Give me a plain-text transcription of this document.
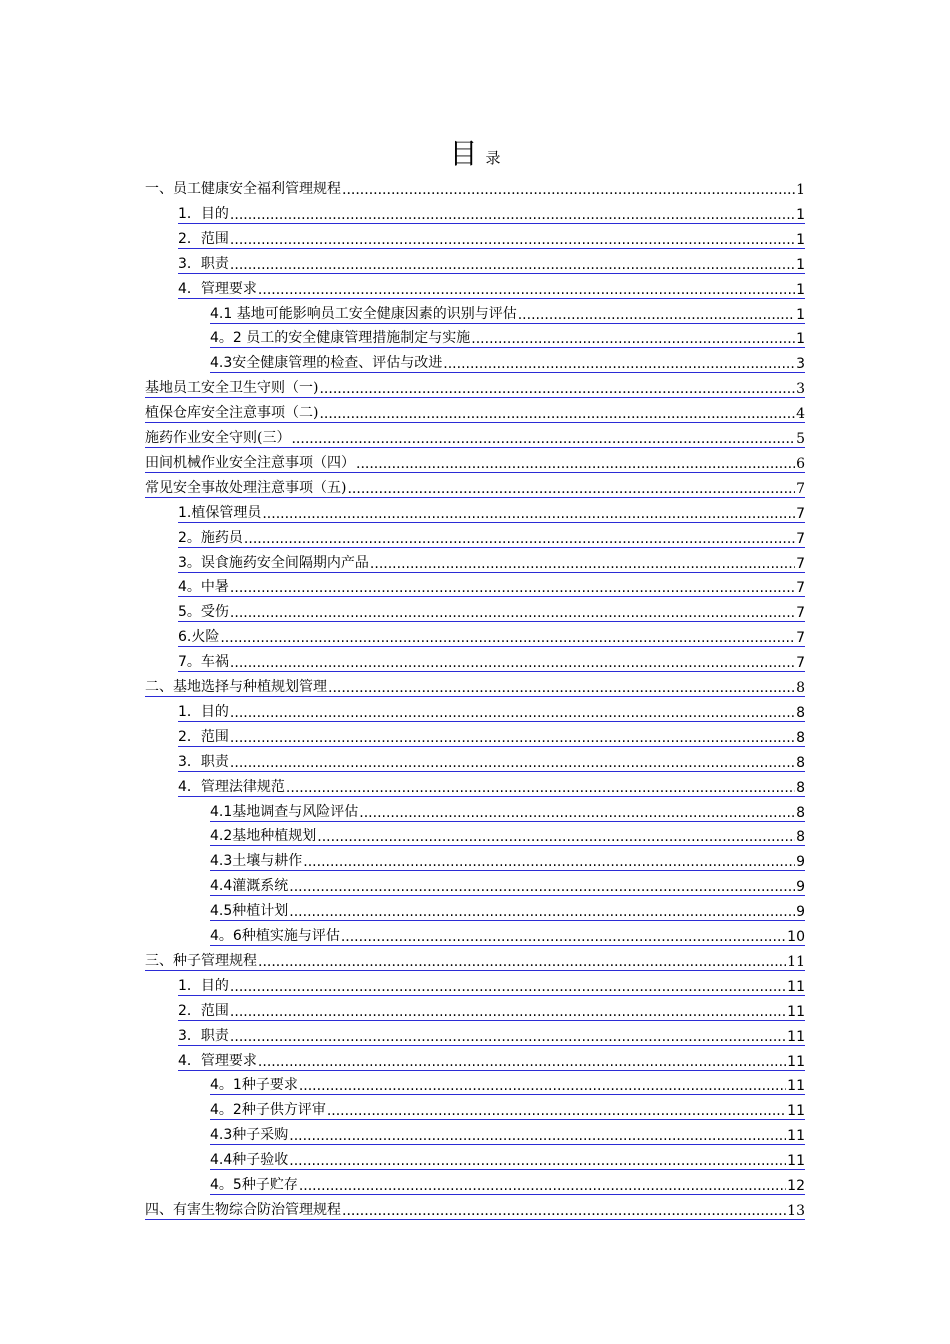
目录
一、员工健康安全福利管理规程 .....	1
1．目的 .....	1
2．范围 .....	1
3．职责 .....	1
4．管理要求 .....	1
4.1 基地可能影响员工安全健康因素的识别与评估 .....	1
4。2 员工的安全健康管理措施制定与实施 .....	1
4.3安全健康管理的检查、评估与改进 .....	3
基地员工安全卫生守则（一) .....	3
植保仓库安全注意事项（二) .....	4
施药作业安全守则(三） .....	5
田间机械作业安全注意事项（四） .....	6
常见安全事故处理注意事项（五) .....	7
1.植保管理员 .....	7
2。施药员 .....	7
3。误食施药安全间隔期内产品 .....	7
4。中暑 .....	7
5。受伤 .....	7
6.火险 .....	7
7。车祸 .....	7
二、基地选择与种植规划管理 .....	8
1．目的 .....	8
2．范围 .....	8
3．职责 .....	8
4．管理法律规范 .....	8
4.1基地调查与风险评估 .....	8
4.2基地种植规划 .....	8
4.3土壤与耕作 .....	9
4.4灌溉系统 .....	9
4.5种植计划 .....	9
4。6种植实施与评估 .....	10
三、种子管理规程 .....	11
1．目的 .....	11
2．范围 .....	11
3．职责 .....	11
4．管理要求 .....	11
4。1种子要求 .....	11
4。2种子供方评审 .....	11
4.3种子采购 .....	11
4.4种子验收 .....	11
4。5种子贮存 .....	12
四、有害生物综合防治管理规程 .....	13
